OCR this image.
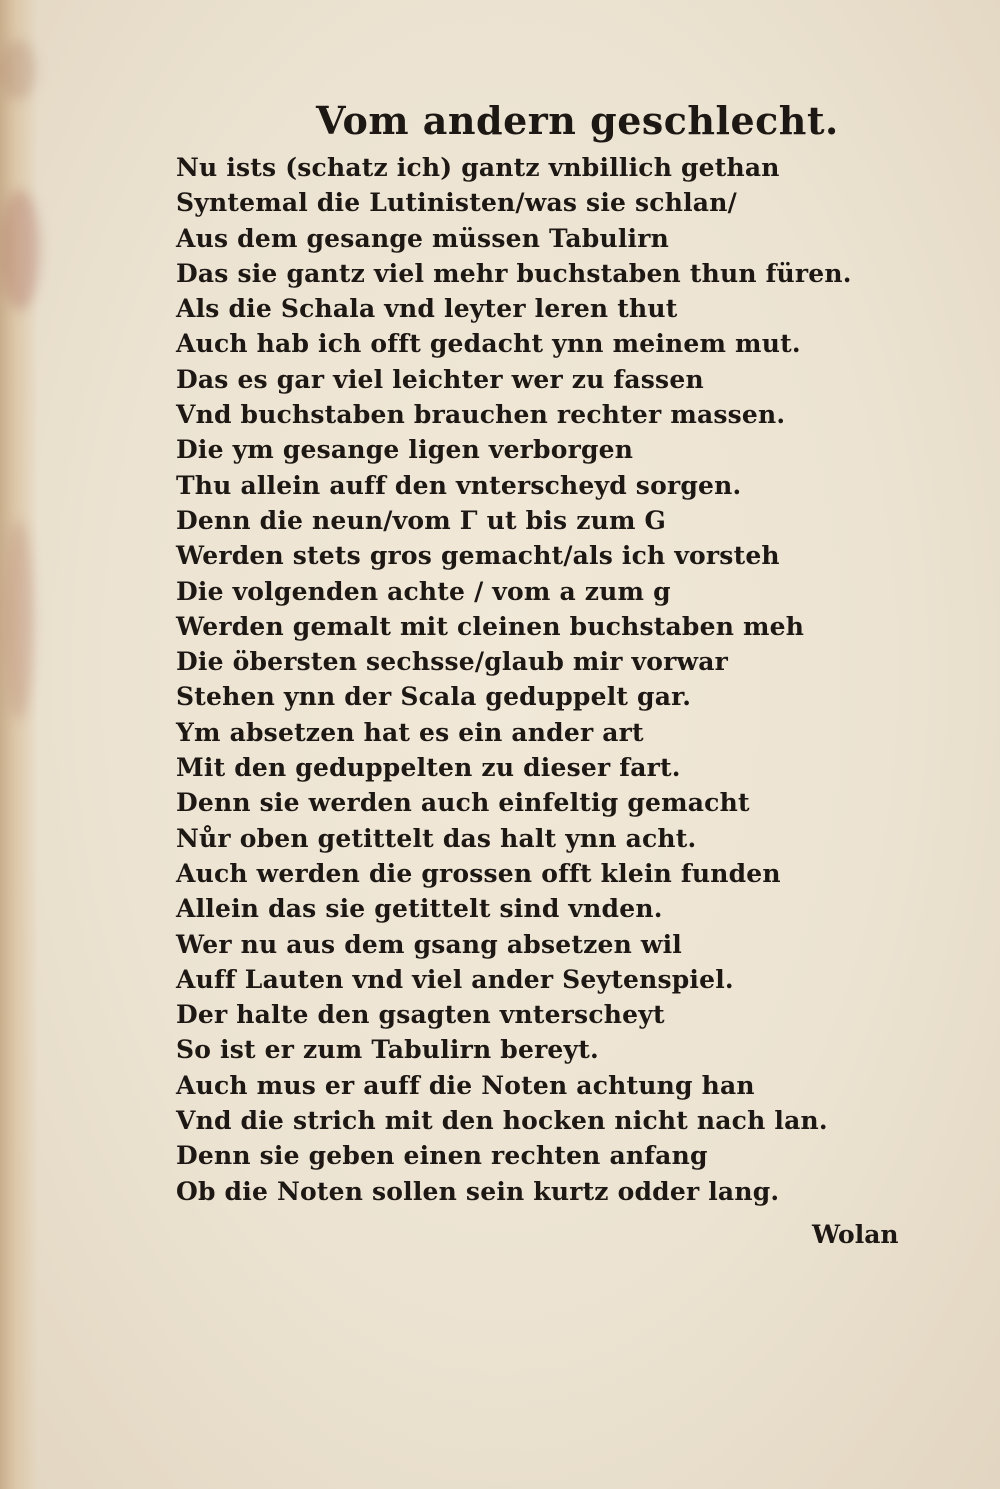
Vom andern geschlecht.
Nu ists (schatz ich) gantz vnbillich gethan
Syntemal die Lutinisten/was sie schlan/
Aus dem gesange müssen Tabulirn
Das sie gantz viel mehr buchstaben thun füren.
Als die Schala vnd leyter leren thut
Auch hab ich offt gedacht ynn meinem mut.
Das es gar viel leichter wer zu fassen
Vnd buchstaben brauchen rechter massen.
Die ym gesange ligen verborgen
Thu allein auff den vnterscheyd sorgen.
Denn die neun/vom Γ ut bis zum G
Werden stets gros gemacht/als ich vorsteh
Die volgenden achte / vom a zum g
Werden gemalt mit cleinen buchstaben meh
Die öbersten sechsse/glaub mir vorwar
Stehen ynn der Scala geduppelt gar.
Ym absetzen hat es ein ander art
Mit den geduppelten zu dieser fart.
Denn sie werden auch einfeltig gemacht
Nůr oben getittelt das halt ynn acht.
Auch werden die grossen offt klein funden
Allein das sie getittelt sind vnden.
Wer nu aus dem gsang absetzen wil
Auff Lauten vnd viel ander Seytenspiel.
Der halte den gsagten vnterscheyt
So ist er zum Tabulirn bereyt.
Auch mus er auff die Noten achtung han
Vnd die strich mit den hocken nicht nach lan.
Denn sie geben einen rechten anfang
Ob die Noten sollen sein kurtz odder lang.
Wolan
